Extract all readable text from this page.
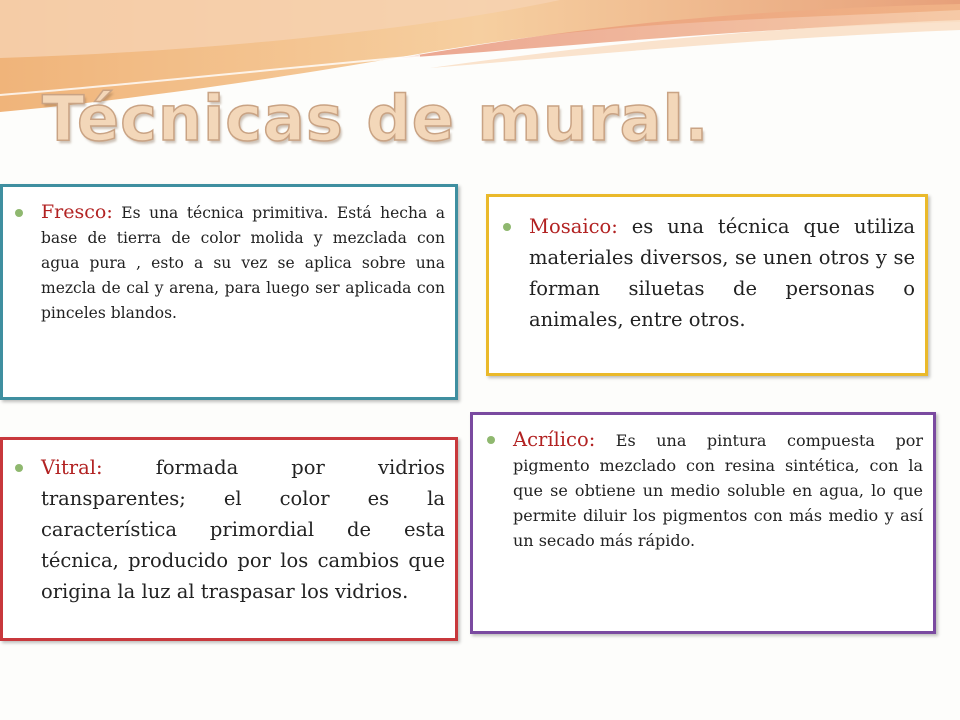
Técnicas de mural.
Fresco: Es una técnica primitiva. Está hecha a base de tierra de color molida y mezclada con agua pura , esto a su vez se aplica sobre una mezcla de cal y arena, para luego ser aplicada con pinceles blandos.
Mosaico: es una técnica que utiliza materiales diversos, se unen otros y se forman siluetas de personas o animales, entre otros.
Acrílico: Es una pintura compuesta por pigmento mezclado con resina sintética, con la que se obtiene un medio soluble en agua, lo que permite diluir los pigmentos con más medio y así un secado más rápido.
Vitral: formada por vidrios transparentes; el color es la característica primordial de esta técnica, producido por los cambios que origina la luz al traspasar los vidrios.
